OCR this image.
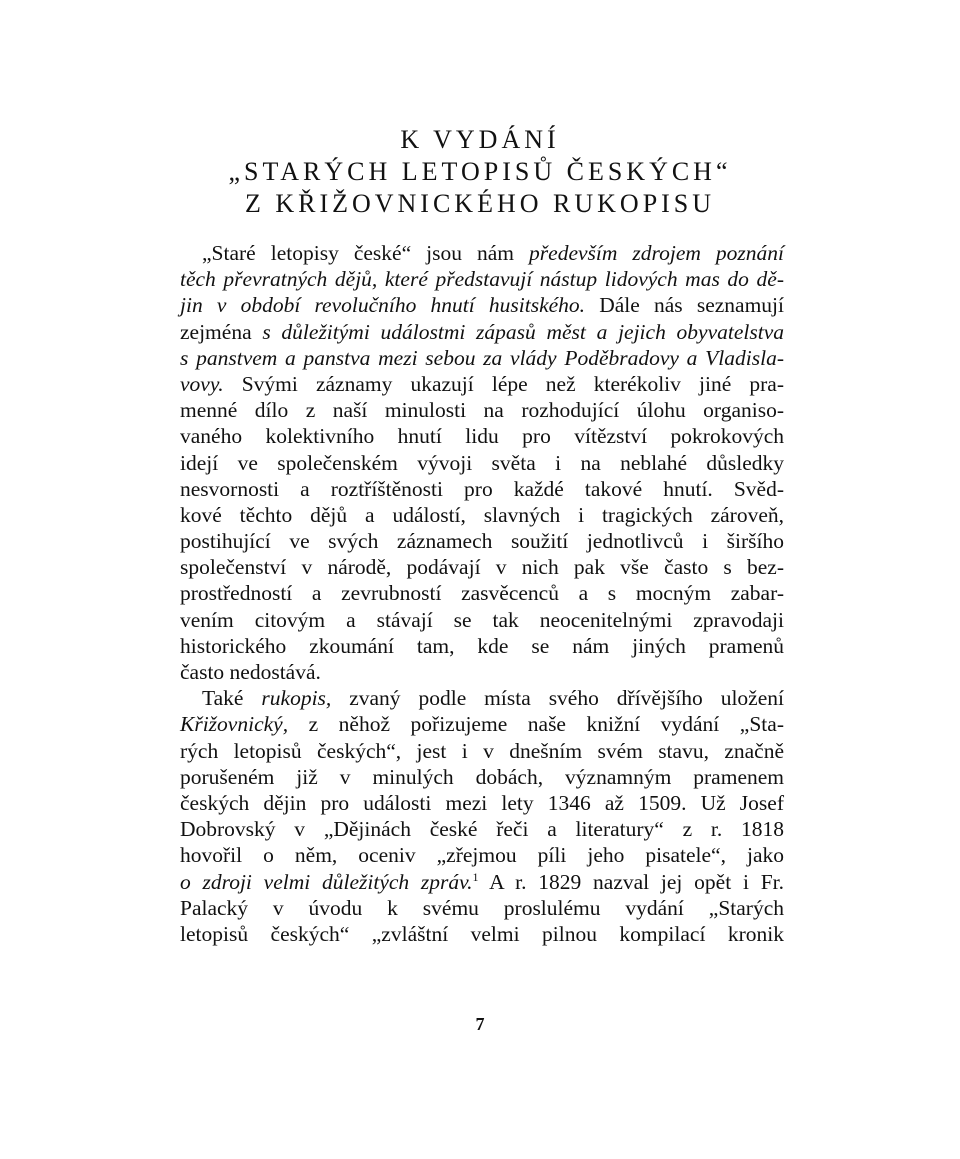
K VYDÁNÍ
„STARÝCH LETOPISŮ ČESKÝCH“
Z KŘIŽOVNICKÉHO RUKOPISU
„Staré letopisy české“ jsou nám především zdrojem poznání
těch převratných dějů, které představují nástup lidových mas do dě-
jin v období revolučního hnutí husitského. Dále nás seznamují
zejména s důležitými událostmi zápasů měst a jejich obyvatelstva
s panstvem a panstva mezi sebou za vlády Poděbradovy a Vladisla-
vovy. Svými záznamy ukazují lépe než kterékoliv jiné pra-
menné dílo z naší minulosti na rozhodující úlohu organiso-
vaného kolektivního hnutí lidu pro vítězství pokrokových
idejí ve společenském vývoji světa i na neblahé důsledky
nesvornosti a roztříštěnosti pro každé takové hnutí. Svěd-
kové těchto dějů a událostí, slavných i tragických zároveň,
postihující ve svých záznamech soužití jednotlivců i širšího
společenství v národě, podávají v nich pak vše často s bez-
prostředností a zevrubností zasvěcenců a s mocným zabar-
vením citovým a stávají se tak neocenitelnými zpravodaji
historického zkoumání tam, kde se nám jiných pramenů
často nedostává.
Také rukopis, zvaný podle místa svého dřívějšího uložení
Křižovnický, z něhož pořizujeme naše knižní vydání „Sta-
rých letopisů českých“, jest i v dnešním svém stavu, značně
porušeném již v minulých dobách, významným pramenem
českých dějin pro události mezi lety 1346 až 1509. Už Josef
Dobrovský v „Dějinách české řeči a literatury“ z r. 1818
hovořil o něm, oceniv „zřejmou píli jeho pisatele“, jako
o zdroji velmi důležitých zpráv.$^1$ A r. 1829 nazval jej opět i Fr.
Palacký v úvodu k svému proslulému vydání „Starých
letopisů českých“ „zvláštní velmi pilnou kompilací kronik
7
